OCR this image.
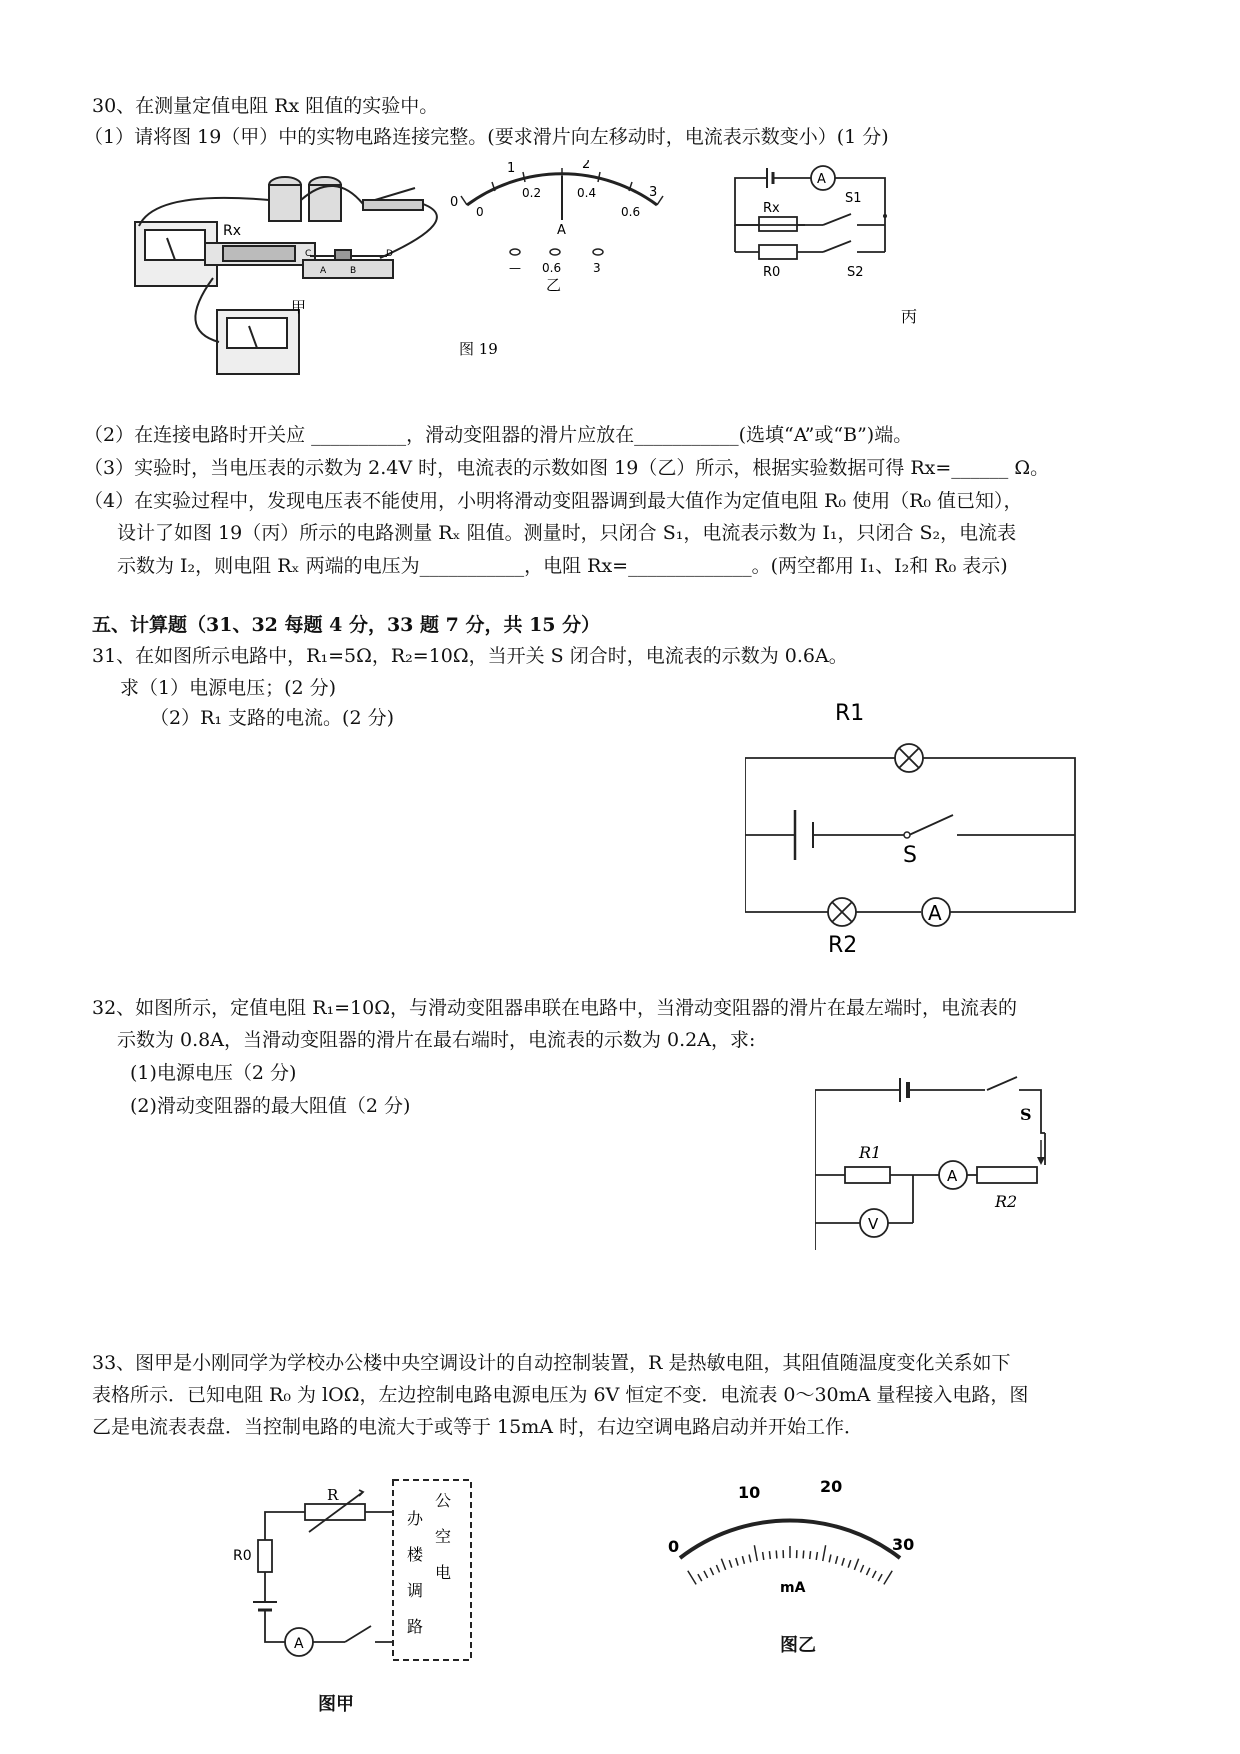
30、在测量定值电阻 Rx 阻值的实验中。
（1）请将图 19（甲）中的实物电路连接完整。(要求滑片向左移动时，电流表示数变小）(1 分)
Rx
C
A	B
D
甲
1
0
2
3
0
0.2	0.4
0.6
A
— 0.6	3
乙
A
Rx
S1
R0	S2
丙
图 19
（2）在连接电路时开关应 __________，滑动变阻器的滑片应放在___________(选填“A”或“B”)端。
（3）实验时，当电压表的示数为 2.4V 时，电流表的示数如图 19（乙）所示，根据实验数据可得 Rx=______ Ω。
（4）在实验过程中，发现电压表不能使用，小明将滑动变阻器调到最大值作为定值电阻 R₀ 使用（R₀ 值已知），
设计了如图 19（丙）所示的电路测量 Rₓ 阻值。测量时，只闭合 S₁，电流表示数为 I₁，只闭合 S₂，电流表
示数为 I₂，则电阻 Rₓ 两端的电压为___________，电阻 Rx=_____________。(两空都用 I₁、I₂和 R₀ 表示)
五、计算题（31、32 每题 4 分，33 题 7 分，共 15 分）
31、在如图所示电路中，R₁=5Ω，R₂=10Ω，当开关 S 闭合时，电流表的示数为 0.6A。
求（1）电源电压；(2 分)
（2）R₁ 支路的电流。(2 分)	R1
S
R2
A
32、如图所示，定值电阻 R₁=10Ω，与滑动变阻器串联在电路中，当滑动变阻器的滑片在最左端时，电流表的
示数为 0.8A，当滑动变阻器的滑片在最右端时，电流表的示数为 0.2A，求:
(1)电源电压（2 分)
(2)滑动变阻器的最大阻值（2 分)	S
R1
A
R2
V
33、图甲是小刚同学为学校办公楼中央空调设计的自动控制装置，R 是热敏电阻，其阻值随温度变化关系如下
表格所示．已知电阻 R₀ 为 lOΩ，左边控制电路电源电压为 6V 恒定不变．电流表 0～30mA 量程接入电路，图
乙是电流表表盘．当控制电路的电流大于或等于 15mA 时，右边空调电路启动并开始工作．
R
R0
A
办
楼
调
路
公
空
电
图甲
0
10	20
30
mA
图乙
